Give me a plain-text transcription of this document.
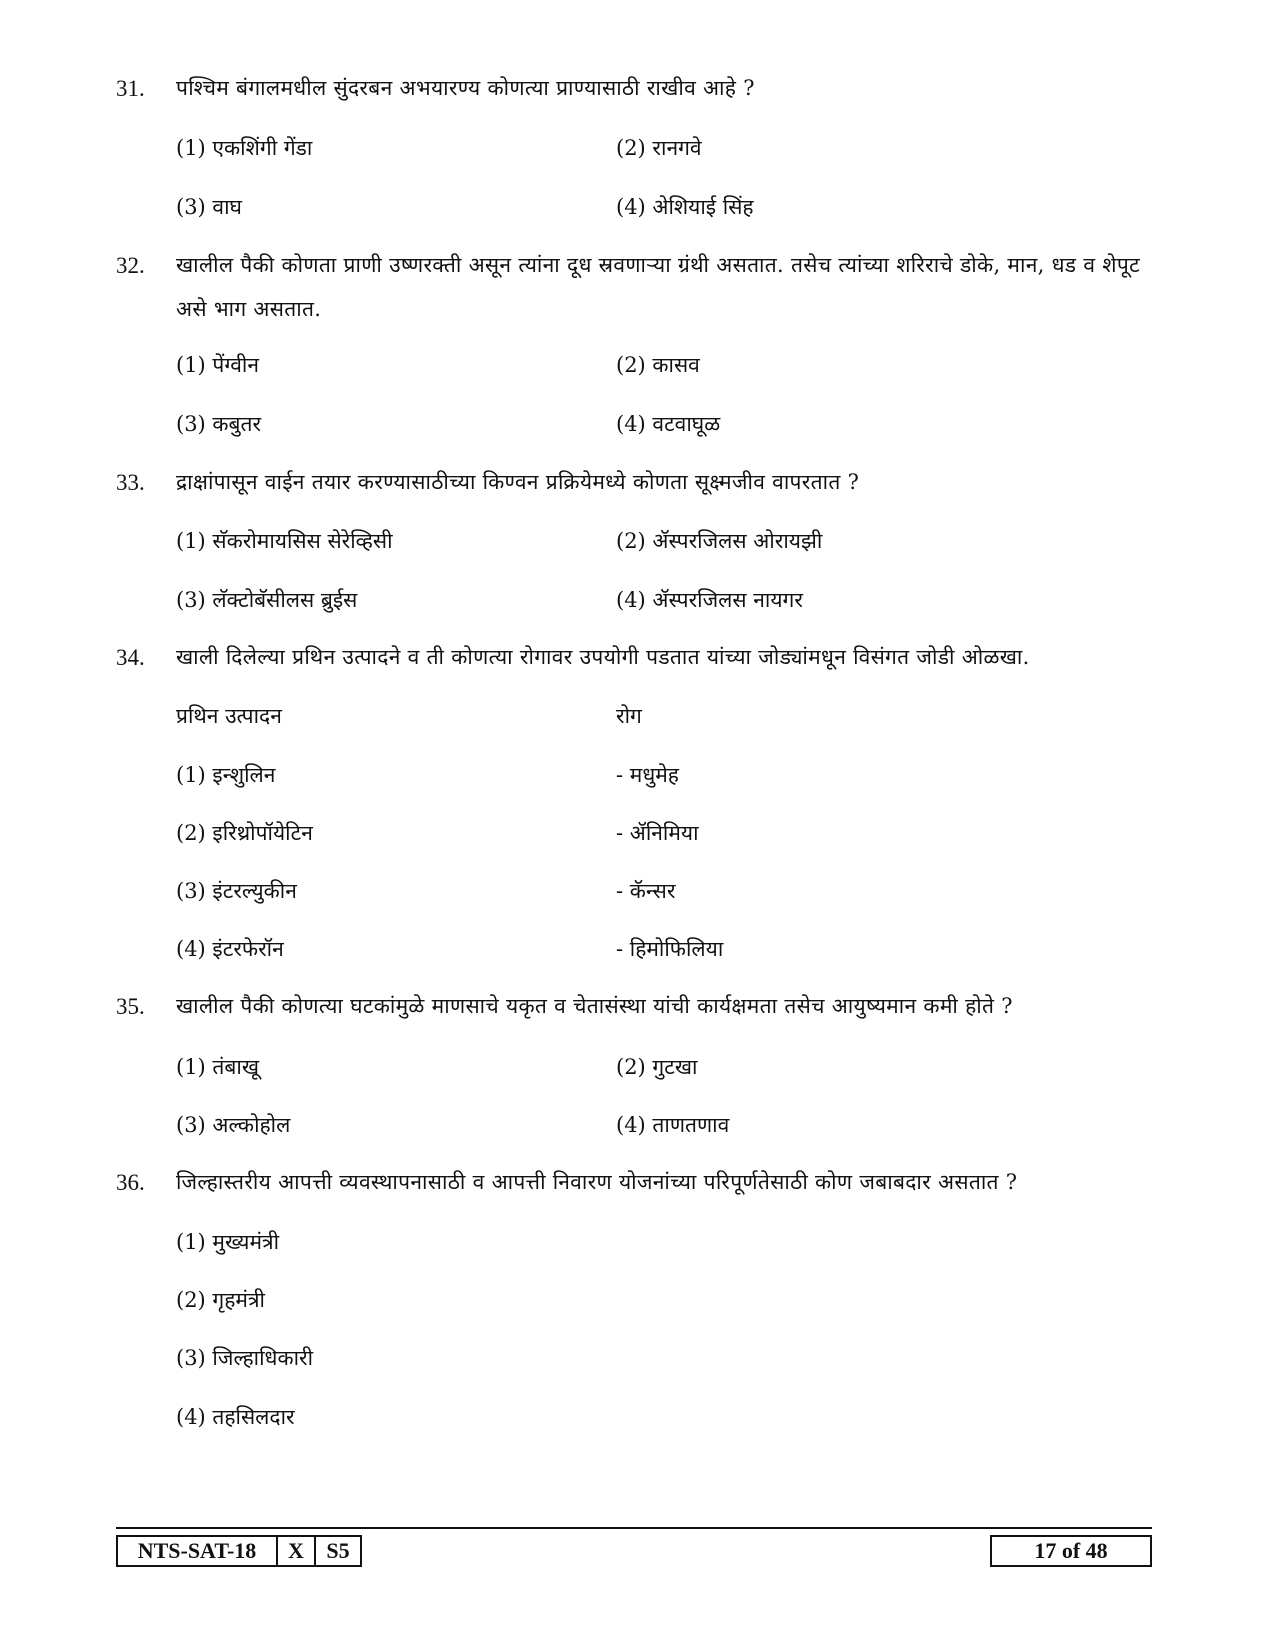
31. पश्चिम बंगालमधील सुंदरबन अभयारण्य कोणत्या प्राण्यासाठी राखीव आहे ?
(1) एकशिंगी गेंडा	(2) रानगवे
(3) वाघ	(4) अेशियाई सिंह
32. खालील पैकी कोणता प्राणी उष्णरक्ती असून त्यांना दूध स्रवणाऱ्या ग्रंथी असतात. तसेच त्यांच्या शरिराचे डोके, मान, धड व शेपूट असे भाग असतात.
(1) पेंग्वीन	(2) कासव
(3) कबुतर	(4) वटवाघूळ
33. द्राक्षांपासून वाईन तयार करण्यासाठीच्या किण्वन प्रक्रियेमध्ये कोणता सूक्ष्मजीव वापरतात ?
(1) सॅकरोमायसिस सेरेव्हिसी	(2) ॲस्परजिलस ओरायझी
(3) लॅक्टोबॅसीलस ब्रुईस	(4) ॲस्परजिलस नायगर
34. खाली दिलेल्या प्रथिन उत्पादने व ती कोणत्या रोगावर उपयोगी पडतात यांच्या जोड्यांमधून विसंगत जोडी ओळखा.
प्रथिन उत्पादन	रोग
(1) इन्शुलिन	- मधुमेह
(2) इरिथ्रोपॉयेटिन	- ॲनिमिया
(3) इंटरल्युकीन	- कॅन्सर
(4) इंटरफेरॉन	- हिमोफिलिया
35. खालील पैकी कोणत्या घटकांमुळे माणसाचे यकृत व चेतासंस्था यांची कार्यक्षमता तसेच आयुष्यमान कमी होते ?
(1) तंबाखू	(2) गुटखा
(3) अल्कोहोल	(4) ताणतणाव
36. जिल्हास्तरीय आपत्ती व्यवस्थापनासाठी व आपत्ती निवारण योजनांच्या परिपूर्णतेसाठी कोण जबाबदार असतात ?
(1) मुख्यमंत्री
(2) गृहमंत्री
(3) जिल्हाधिकारी
(4) तहसिलदार
NTS-SAT-18	X	S5	17 of 48
